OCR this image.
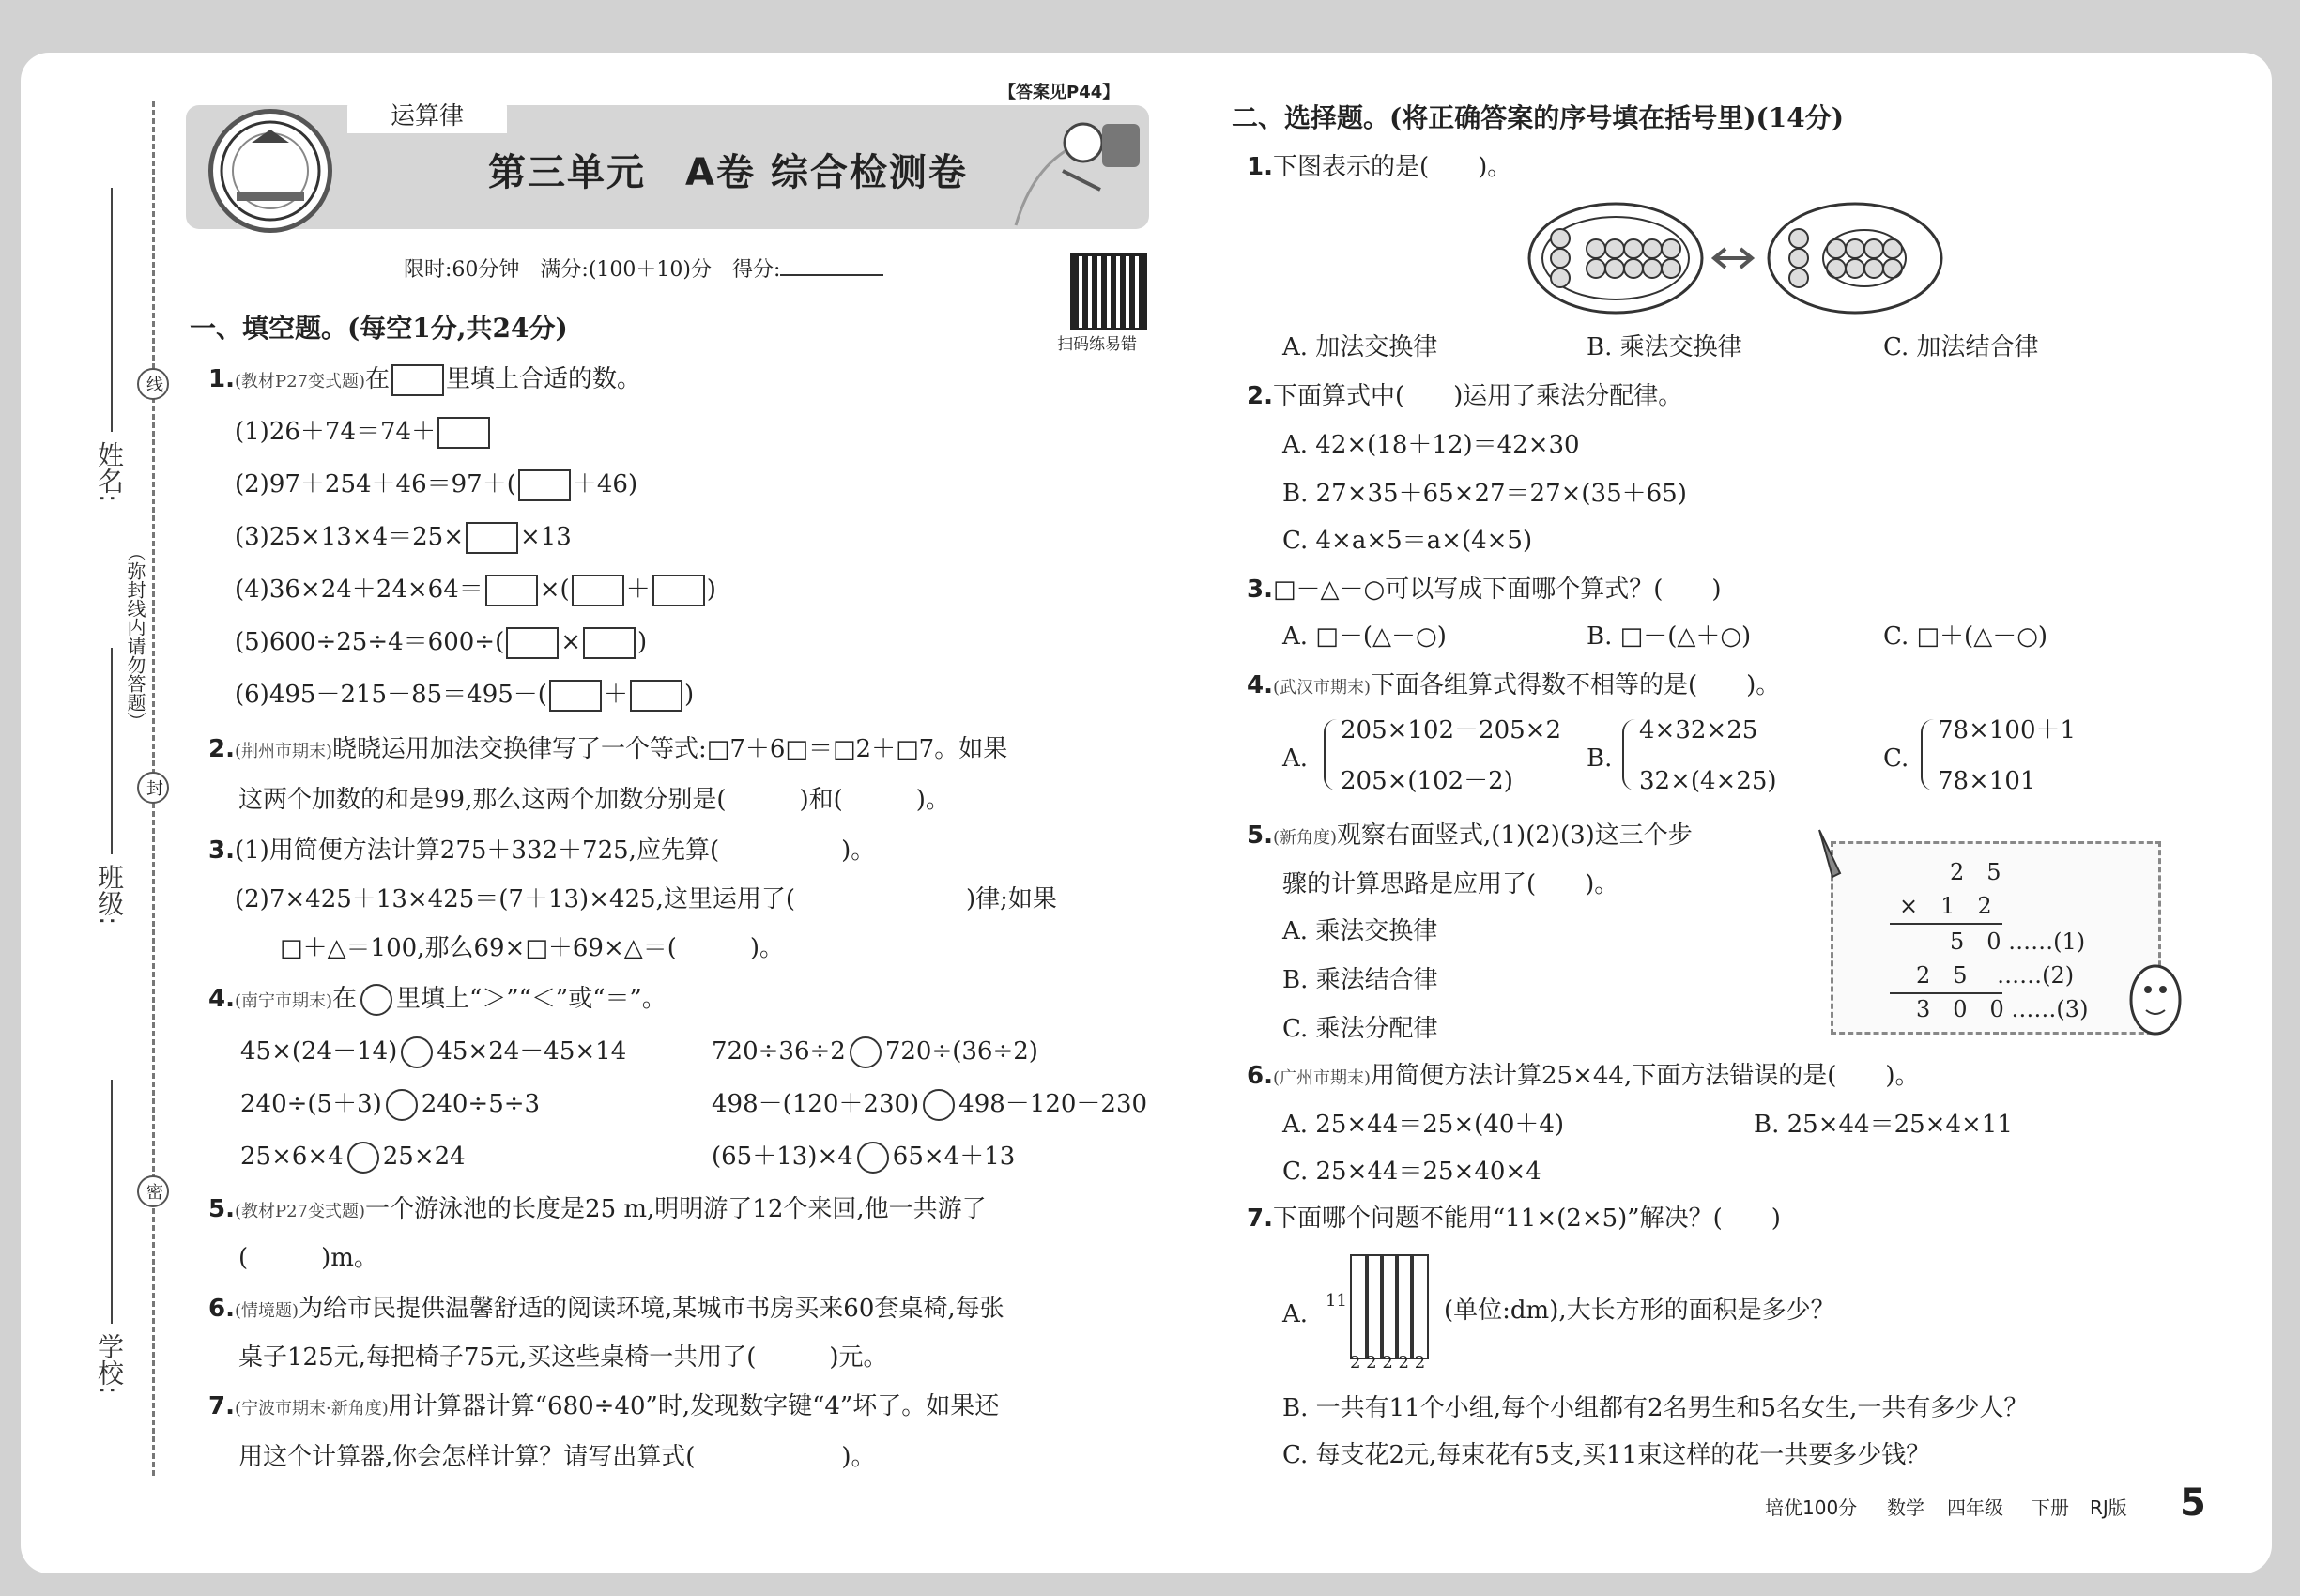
姓名:
班级:
学校:
线
封
密
（弥封线内请勿答题）
运算律
【答案见P44】
第三单元　A卷 综合检测卷
限时:60分钟　满分:(100＋10)分　得分:
扫码练易错
一、填空题。(每空1分,共24分)
1.(教材P27变式题)在 里填上合适的数。
(1)26＋74＝74＋
(2)97＋254＋46＝97＋( ＋46)
(3)25×13×4＝25× ×13
(4)36×24＋24×64＝ ×( ＋ )
(5)600÷25÷4＝600÷( × )
(6)495－215－85＝495－( ＋ )
2.(荆州市期末)晓晓运用加法交换律写了一个等式:□7＋6□＝□2＋□7。如果
这两个加数的和是99,那么这两个加数分别是(　　　)和(　　　)。
3.(1)用简便方法计算275＋332＋725,应先算(　　　　　)。
(2)7×425＋13×425＝(7＋13)×425,这里运用了(　　　　　　　)律;如果
□＋△＝100,那么69×□＋69×△＝(　　　)。
4.(南宁市期末)在 里填上“＞”“＜”或“＝”。
45×(24－14) 45×24－45×14	720÷36÷2 720÷(36÷2)
240÷(5＋3) 240÷5÷3	498－(120＋230) 498－120－230
25×6×4 25×24	(65＋13)×4 65×4＋13
5.(教材P27变式题)一个游泳池的长度是25 m,明明游了12个来回,他一共游了
(　　　)m。
6.(情境题)为给市民提供温馨舒适的阅读环境,某城市书房买来60套桌椅,每张
桌子125元,每把椅子75元,买这些桌椅一共用了(　　　)元。
7.(宁波市期末·新角度)用计算器计算“680÷40”时,发现数字键“4”坏了。如果还
用这个计算器,你会怎样计算？请写出算式(　　　　　　)。
二、选择题。(将正确答案的序号填在括号里)(14分)
1.下图表示的是(　　)。
A. 加法交换律	B. 乘法交换律	C. 加法结合律
2.下面算式中(　　)运用了乘法分配律。
A. 42×(18＋12)＝42×30
B. 27×35＋65×27＝27×(35＋65)
C. 4×a×5＝a×(4×5)
3.□－△－○可以写成下面哪个算式？(　　)
A. □－(△－○)	B. □－(△＋○)	C. □＋(△－○)
4.(武汉市期末)下面各组算式得数不相等的是(　　)。
A.
205×102－205×2
205×(102－2)
B.
4×32×25
32×(4×25)
C.
78×100＋1
78×101
5.(新角度)观察右面竖式,(1)(2)(3)这三个步
骤的计算思路是应用了(　　)。
A. 乘法交换律
B. 乘法结合律
C. 乘法分配律
2　5
×　1　2
5　0 ……(1)
2　5　 ……(2)
3　0　0 ……(3)
6.(广州市期末)用简便方法计算25×44,下面方法错误的是(　　)。
A. 25×44＝25×(40＋4)	B. 25×44＝25×4×11
C. 25×44＝25×40×4
7.下面哪个问题不能用“11×(2×5)”解决？(　　)
A. 11
2 2 2 2 2
(单位:dm),大长方形的面积是多少？
B. 一共有11个小组,每个小组都有2名男生和5名女生,一共有多少人？
C. 每支花2元,每束花有5支,买11束这样的花一共要多少钱？
培优100分 数学 四年级 下册 RJ版 5
